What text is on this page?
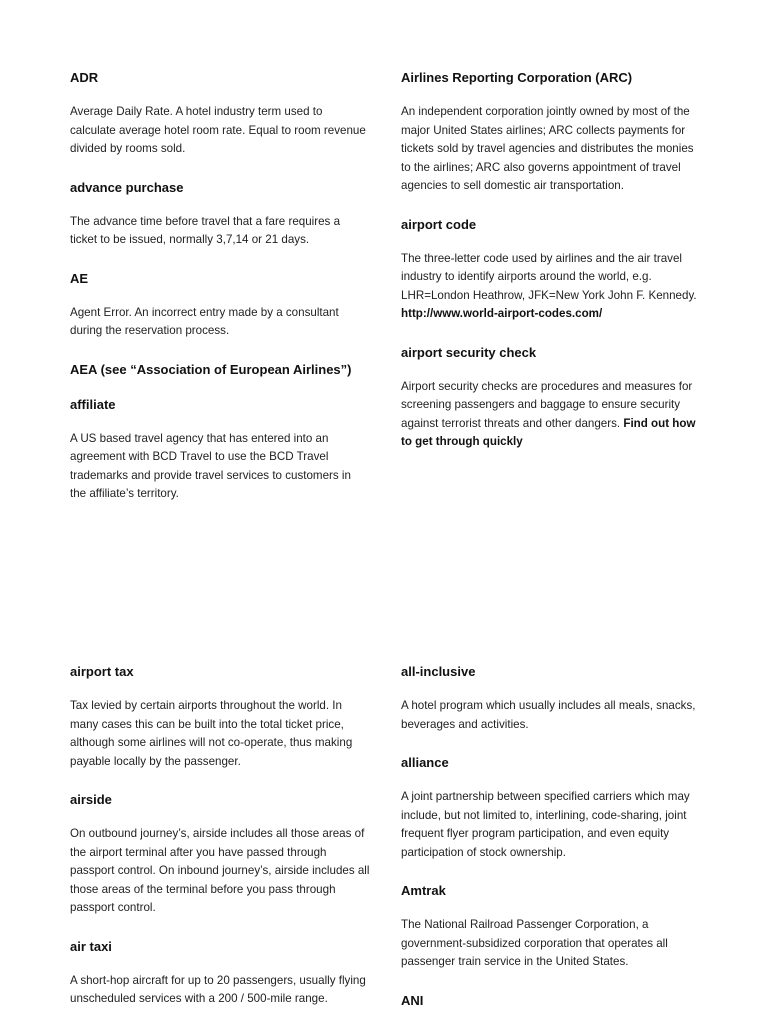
ADR
Average Daily Rate. A hotel industry term used to calculate average hotel room rate. Equal to room revenue divided by rooms sold.
advance purchase
The advance time before travel that a fare requires a ticket to be issued, normally 3,7,14 or 21 days.
AE
Agent Error. An incorrect entry made by a consultant during the reservation process.
AEA (see “Association of European Airlines”)
affiliate
A US based travel agency that has entered into an agreement with BCD Travel to use the BCD Travel trademarks and provide travel services to customers in the affiliate’s territory.
Airlines Reporting Corporation (ARC)
An independent corporation jointly owned by most of the major United States airlines; ARC collects payments for tickets sold by travel agencies and distributes the monies to the airlines; ARC also governs appointment of travel agencies to sell domestic air transportation.
airport code
The three-letter code used by airlines and the air travel industry to identify airports around the world, e.g. LHR=London Heathrow, JFK=New York John F. Kennedy. http://www.world-airport-codes.com/
airport security check
Airport security checks are procedures and measures for screening passengers and baggage to ensure security against terrorist threats and other dangers. Find out how to get through quickly
airport tax
Tax levied by certain airports throughout the world. In many cases this can be built into the total ticket price, although some airlines will not co-operate, thus making payable locally by the passenger.
airside
On outbound journey’s, airside includes all those areas of the airport terminal after you have passed through passport control. On inbound journey’s, airside includes all those areas of the terminal before you pass through passport control.
air taxi
A short-hop aircraft for up to 20 passengers, usually flying unscheduled services with a 200 / 500-mile range.
all-inclusive
A hotel program which usually includes all meals, snacks, beverages and activities.
alliance
A joint partnership between specified carriers which may include, but not limited to, interlining, code-sharing, joint frequent flyer program participation, and even equity participation of stock ownership.
Amtrak
The National Railroad Passenger Corporation, a government-subsidized corporation that operates all passenger train service in the United States.
ANI
